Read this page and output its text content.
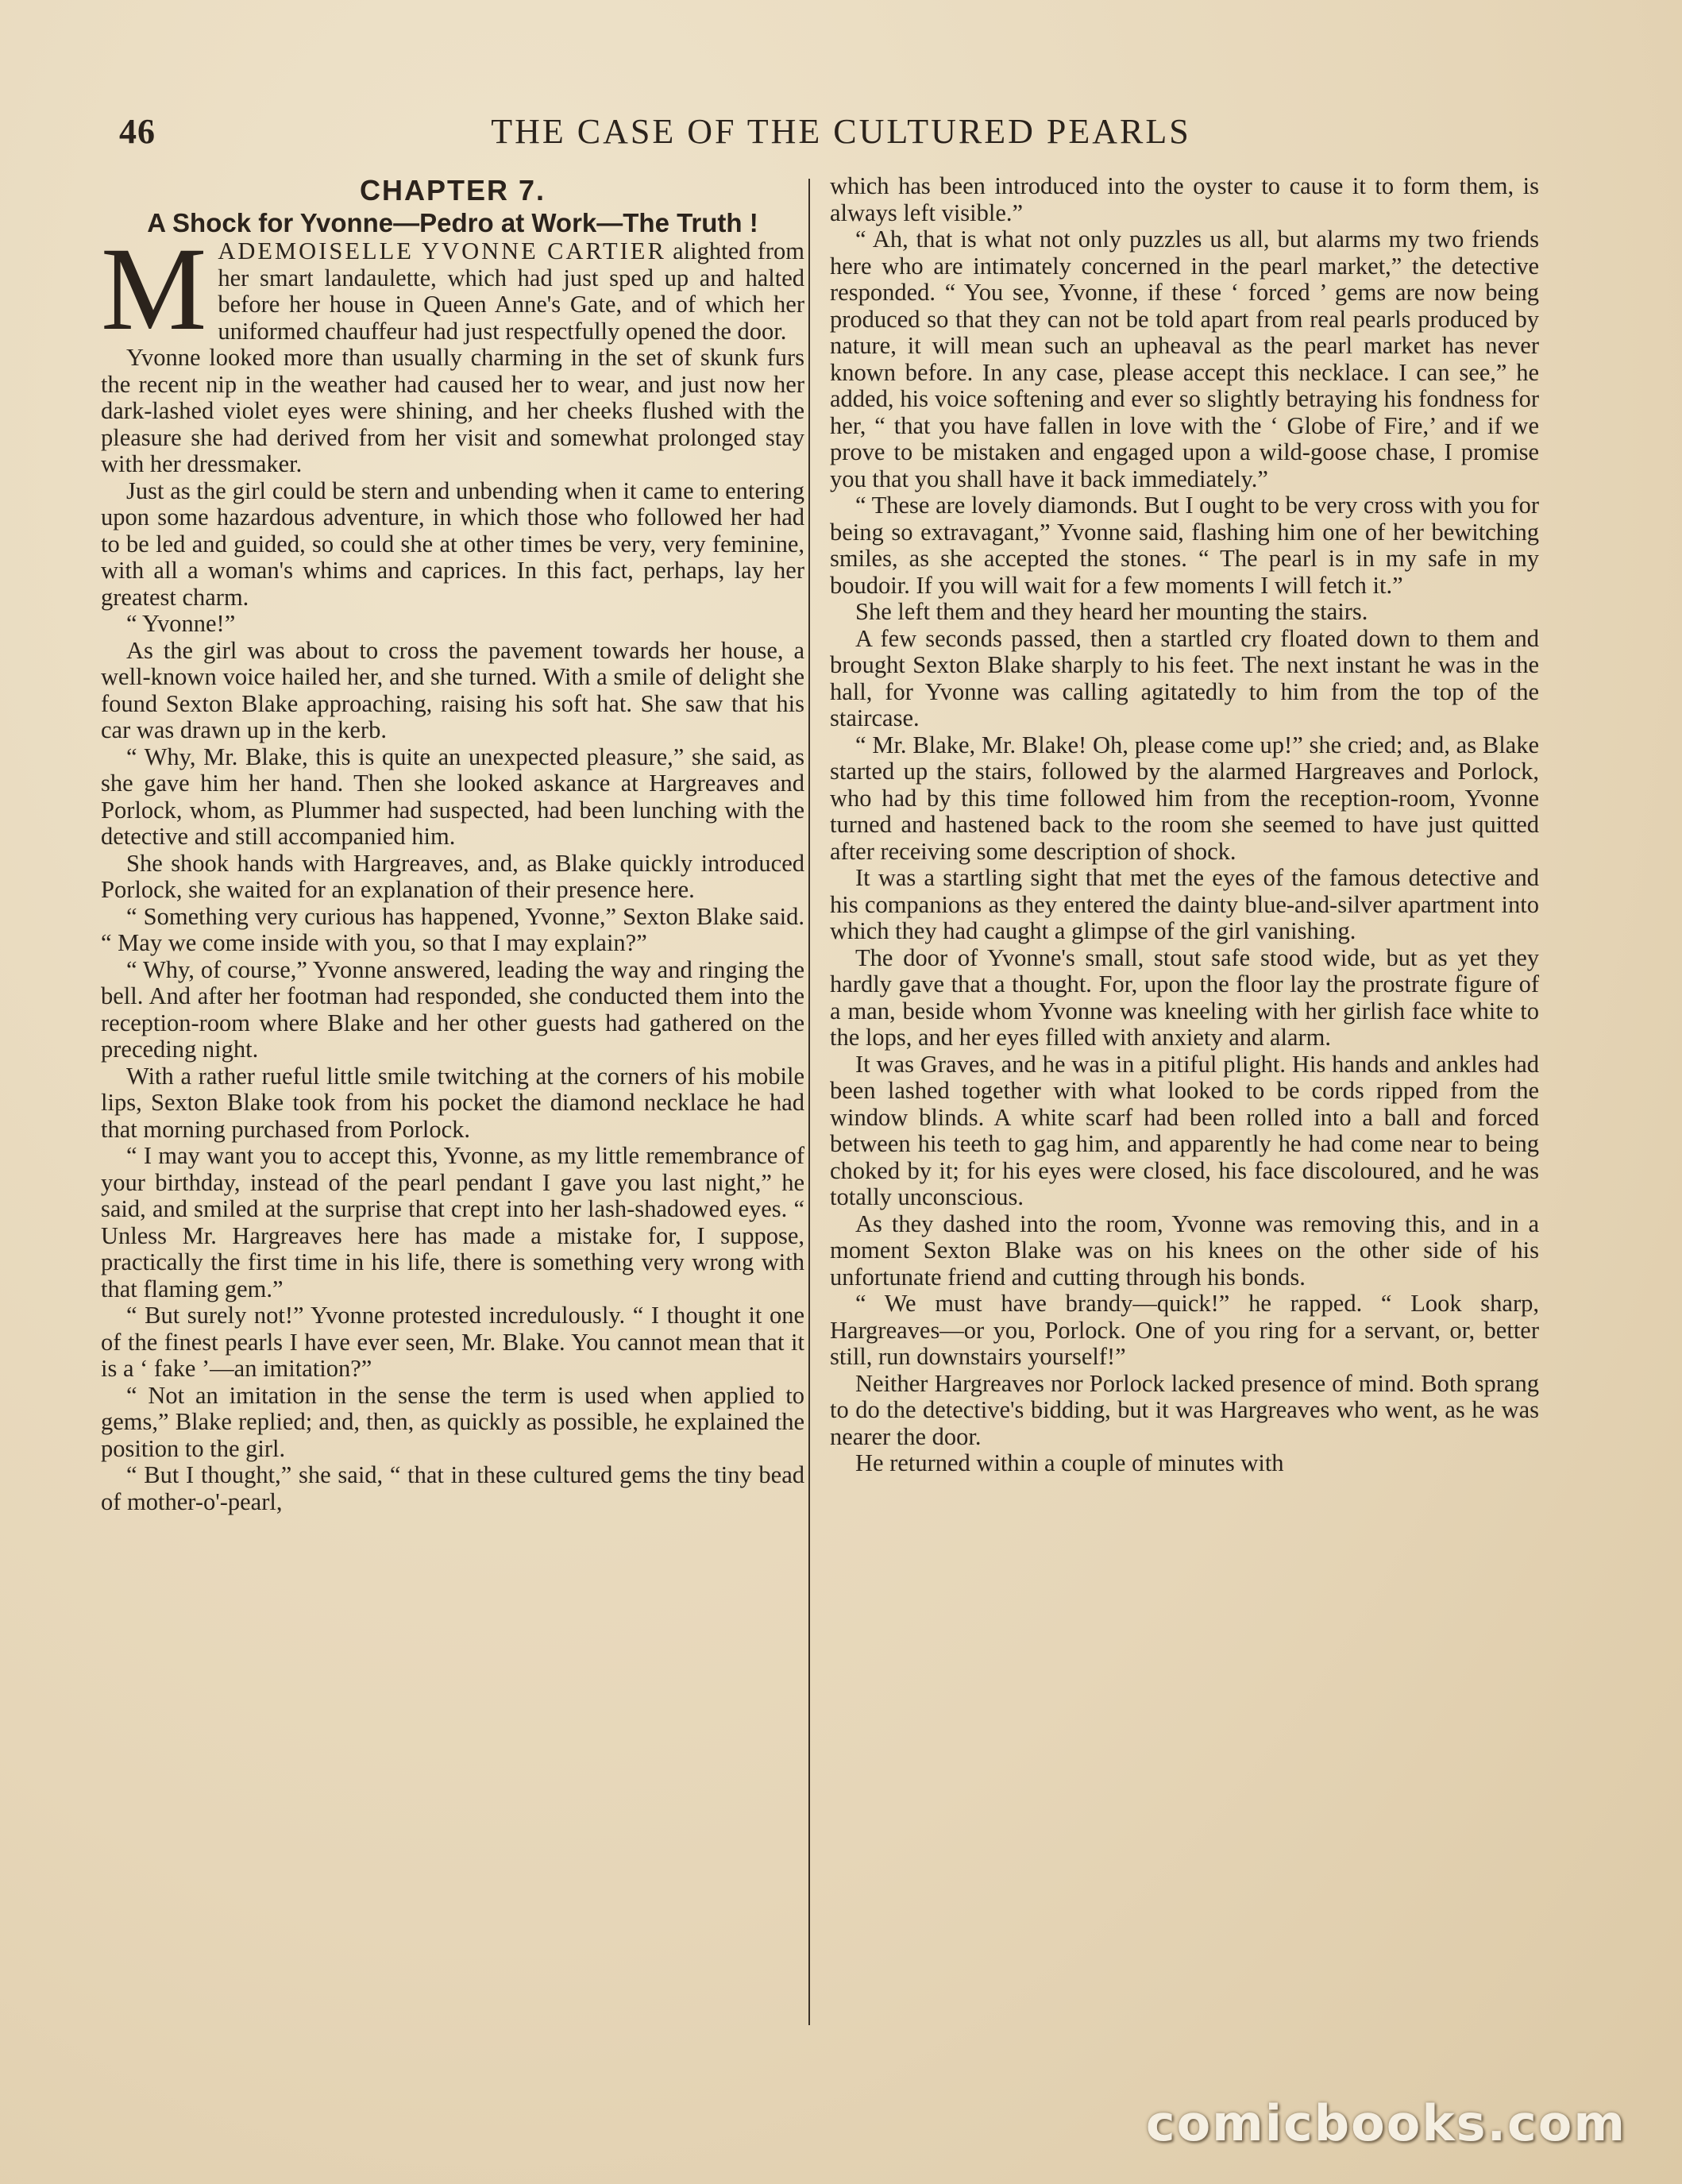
46	THE CASE OF THE CULTURED PEARLS
CHAPTER 7.
A Shock for Yvonne—Pedro at Work—The Truth !

M ADEMOISELLE YVONNE CARTIER alighted from her smart landaulette, which had just sped up and halted before her house in Queen Anne's Gate, and of which her uniformed chauffeur had just respectfully opened the door.

Yvonne looked more than usually charming in the set of skunk furs the recent nip in the weather had caused her to wear, and just now her dark-lashed violet eyes were shining, and her cheeks flushed with the pleasure she had derived from her visit and somewhat prolonged stay with her dressmaker.

Just as the girl could be stern and unbending when it came to entering upon some hazardous adventure, in which those who followed her had to be led and guided, so could she at other times be very, very feminine, with all a woman's whims and caprices. In this fact, perhaps, lay her greatest charm.

“ Yvonne!”

As the girl was about to cross the pavement towards her house, a well-known voice hailed her, and she turned. With a smile of delight she found Sexton Blake approaching, raising his soft hat. She saw that his car was drawn up in the kerb.

“ Why, Mr. Blake, this is quite an unexpected pleasure,” she said, as she gave him her hand. Then she looked askance at Hargreaves and Porlock, whom, as Plummer had suspected, had been lunching with the detective and still accompanied him.

She shook hands with Hargreaves, and, as Blake quickly introduced Porlock, she waited for an explanation of their presence here.

“ Something very curious has happened, Yvonne,” Sexton Blake said. “ May we come inside with you, so that I may explain?”

“ Why, of course,” Yvonne answered, leading the way and ringing the bell. And after her footman had responded, she conducted them into the reception-room where Blake and her other guests had gathered on the preceding night.

With a rather rueful little smile twitching at the corners of his mobile lips, Sexton Blake took from his pocket the diamond necklace he had that morning purchased from Porlock.

“ I may want you to accept this, Yvonne, as my little remembrance of your birthday, instead of the pearl pendant I gave you last night,” he said, and smiled at the surprise that crept into her lash-shadowed eyes. “ Unless Mr. Hargreaves here has made a mistake for, I suppose, practically the first time in his life, there is something very wrong with that flaming gem.”

“ But surely not!” Yvonne protested incredulously. “ I thought it one of the finest pearls I have ever seen, Mr. Blake. You cannot mean that it is a ‘ fake ’—an imitation?”

“ Not an imitation in the sense the term is used when applied to gems,” Blake replied; and, then, as quickly as possible, he explained the position to the girl.

“ But I thought,” she said, “ that in these cultured gems the tiny bead of mother-o'-pearl,

which has been introduced into the oyster to cause it to form them, is always left visible.”

“ Ah, that is what not only puzzles us all, but alarms my two friends here who are intimately concerned in the pearl market,” the detective responded. “ You see, Yvonne, if these ‘ forced ’ gems are now being produced so that they can not be told apart from real pearls produced by nature, it will mean such an upheaval as the pearl market has never known before. In any case, please accept this necklace. I can see,” he added, his voice softening and ever so slightly betraying his fondness for her, “ that you have fallen in love with the ‘ Globe of Fire,’ and if we prove to be mistaken and engaged upon a wild-goose chase, I promise you that you shall have it back immediately.”

“ These are lovely diamonds. But I ought to be very cross with you for being so extravagant,” Yvonne said, flashing him one of her bewitching smiles, as she accepted the stones. “ The pearl is in my safe in my boudoir. If you will wait for a few moments I will fetch it.”

She left them and they heard her mounting the stairs.

A few seconds passed, then a startled cry floated down to them and brought Sexton Blake sharply to his feet. The next instant he was in the hall, for Yvonne was calling agitatedly to him from the top of the staircase.

“ Mr. Blake, Mr. Blake! Oh, please come up!” she cried; and, as Blake started up the stairs, followed by the alarmed Hargreaves and Porlock, who had by this time followed him from the reception-room, Yvonne turned and hastened back to the room she seemed to have just quitted after receiving some description of shock.

It was a startling sight that met the eyes of the famous detective and his companions as they entered the dainty blue-and-silver apartment into which they had caught a glimpse of the girl vanishing.

The door of Yvonne's small, stout safe stood wide, but as yet they hardly gave that a thought. For, upon the floor lay the prostrate figure of a man, beside whom Yvonne was kneeling with her girlish face white to the lops, and her eyes filled with anxiety and alarm.

It was Graves, and he was in a pitiful plight. His hands and ankles had been lashed together with what looked to be cords ripped from the window blinds. A white scarf had been rolled into a ball and forced between his teeth to gag him, and apparently he had come near to being choked by it; for his eyes were closed, his face discoloured, and he was totally unconscious.

As they dashed into the room, Yvonne was removing this, and in a moment Sexton Blake was on his knees on the other side of his unfortunate friend and cutting through his bonds.

“ We must have brandy—quick!” he rapped. “ Look sharp, Hargreaves—or you, Porlock. One of you ring for a servant, or, better still, run downstairs yourself!”

Neither Hargreaves nor Porlock lacked presence of mind. Both sprang to do the detective's bidding, but it was Hargreaves who went, as he was nearer the door.

He returned within a couple of minutes with

comicbooks.com
